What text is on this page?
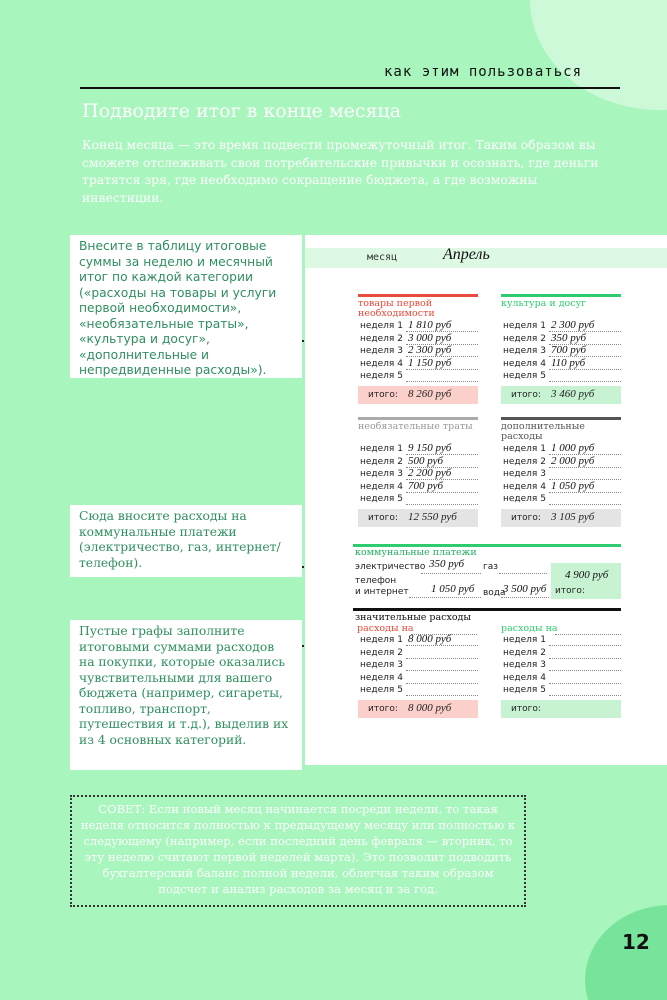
12
как этим пользоваться
Подводите итог в конце месяца
Конец месяца — это время подвести промежуточный итог. Таким образом вы сможете отслеживать свои потребительские привычки и осознать, где деньги тратятся зря, где необходимо сокращение бюджета, а где возможны инвестиции.
Внесите в таблицу итоговые суммы за неделю и месячный итог по каждой категории («расходы на товары и услуги первой необходимости», «необязательные траты», «культура и досуг», «дополнительные и непредвиденные расходы»).
Сюда вносите расходы на коммунальные платежи (электричество, газ, интернет/телефон).
Пустые графы заполните итоговыми суммами расходов на покупки, которые оказались чувствительными для вашего бюджета (например, сигареты, топливо, транспорт, путешествия и т.д.), выделив их из 4 основных категорий.
месяц	Апрель
товары первой необходимости
неделя 1 1 810 руб
неделя 2 3 000 руб
неделя 3 2 300 руб
неделя 4 1 150 руб
неделя 5
итого: 8 260 руб
культура и досуг
неделя 1 2 300 руб
неделя 2 350 руб
неделя 3 700 руб
неделя 4 110 руб
неделя 5
итого: 3 460 руб
необязательные траты
неделя 1 9 150 руб
неделя 2 500 руб
неделя 3 2 200 руб
неделя 4 700 руб
неделя 5
итого: 12 550 руб
дополнительные расходы
неделя 1 1 000 руб
неделя 2 2 000 руб
неделя 3
неделя 4 1 050 руб
неделя 5
итого: 3 105 руб
коммунальные платежи
электричество 350 руб газ
телефон
и интернет 1 050 руб вода
3 500 руб
4 900 руб
итого:
значительные расходы
расходы на	расходы на
неделя 1 8 000 руб
неделя 2
неделя 3
неделя 4
неделя 5
итого: 8 000 руб
неделя 1
неделя 2
неделя 3
неделя 4
неделя 5
итого:
СОВЕТ: Если новый месяц начинается посреди недели, то такая неделя относится полностью к предыдущему месяцу или полностью к следующему (например, если последний день февраля — вторник, то эту неделю считают первой неделей марта). Это позволит подводить бухгалтерский баланс полной недели, облегчая таким образом подсчет и анализ расходов за месяц и за год.
